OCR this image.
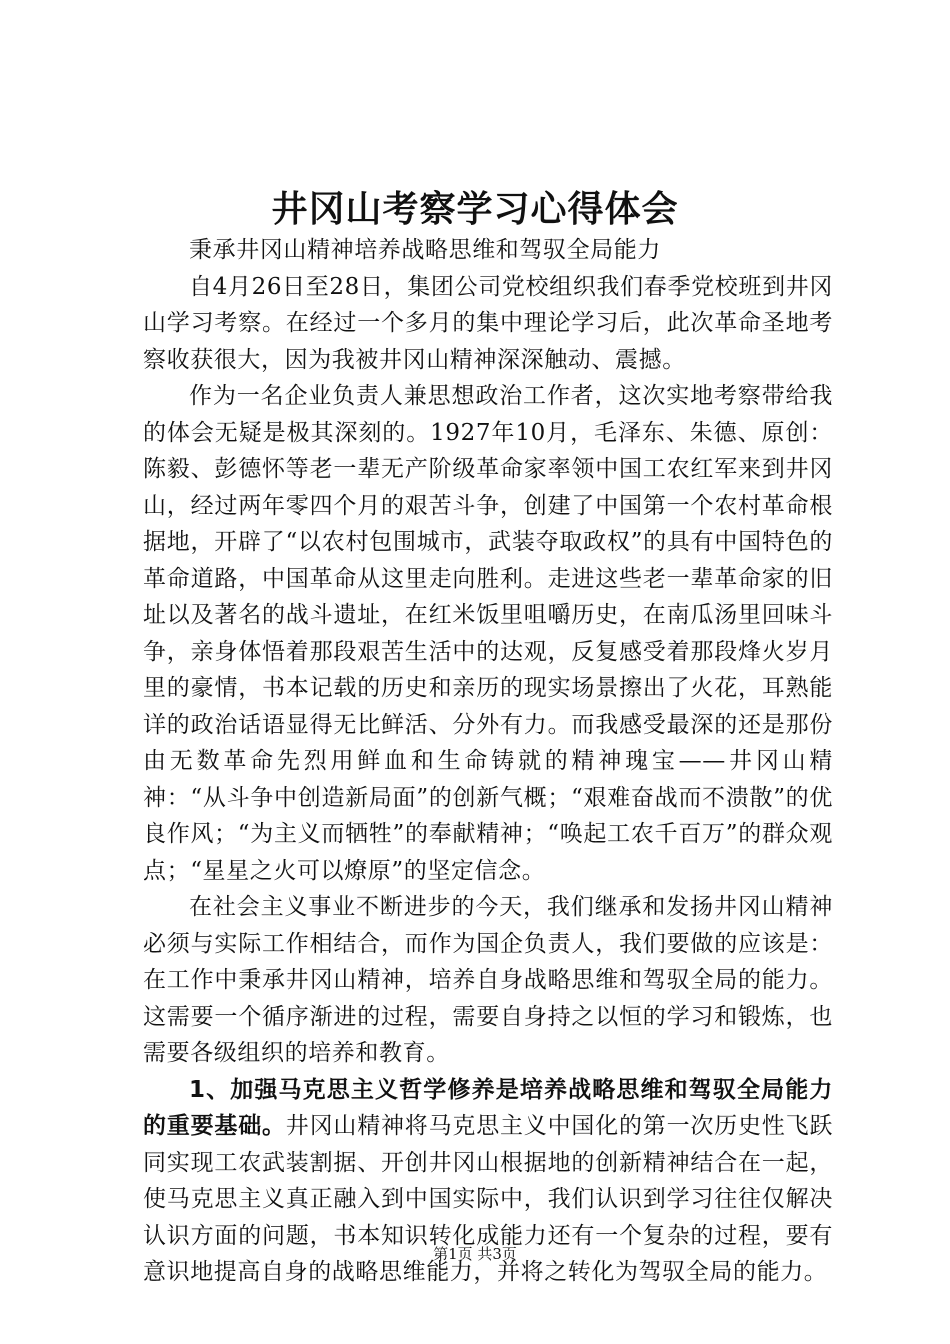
井冈山考察学习心得体会

秉承井冈山精神培养战略思维和驾驭全局能力

自4月26日至28日，集团公司党校组织我们春季党校班到井冈山学习考察。在经过一个多月的集中理论学习后，此次革命圣地考察收获很大，因为我被井冈山精神深深触动、震撼。

作为一名企业负责人兼思想政治工作者，这次实地考察带给我的体会无疑是极其深刻的。1927年10月，毛泽东、朱德、原创：陈毅、彭德怀等老一辈无产阶级革命家率领中国工农红军来到井冈山，经过两年零四个月的艰苦斗争，创建了中国第一个农村革命根据地，开辟了“以农村包围城市，武装夺取政权”的具有中国特色的革命道路，中国革命从这里走向胜利。走进这些老一辈革命家的旧址以及著名的战斗遗址，在红米饭里咀嚼历史，在南瓜汤里回味斗争，亲身体悟着那段艰苦生活中的达观，反复感受着那段烽火岁月里的豪情，书本记载的历史和亲历的现实场景擦出了火花，耳熟能详的政治话语显得无比鲜活、分外有力。而我感受最深的还是那份由无数革命先烈用鲜血和生命铸就的精神瑰宝——井冈山精神：“从斗争中创造新局面”的创新气概；“艰难奋战而不溃散”的优良作风；“为主义而牺牲”的奉献精神；“唤起工农千百万”的群众观点；“星星之火可以燎原”的坚定信念。

在社会主义事业不断进步的今天，我们继承和发扬井冈山精神必须与实际工作相结合，而作为国企负责人，我们要做的应该是：在工作中秉承井冈山精神，培养自身战略思维和驾驭全局的能力。这需要一个循序渐进的过程，需要自身持之以恒的学习和锻炼，也需要各级组织的培养和教育。

1、加强马克思主义哲学修养是培养战略思维和驾驭全局能力的重要基础。井冈山精神将马克思主义中国化的第一次历史性飞跃同实现工农武装割据、开创井冈山根据地的创新精神结合在一起，使马克思主义真正融入到中国实际中，我们认识到学习往往仅解决认识方面的问题，书本知识转化成能力还有一个复杂的过程，要有意识地提高自身的战略思维能力，并将之转化为驾驭全局的能力。

第1页 共3页
